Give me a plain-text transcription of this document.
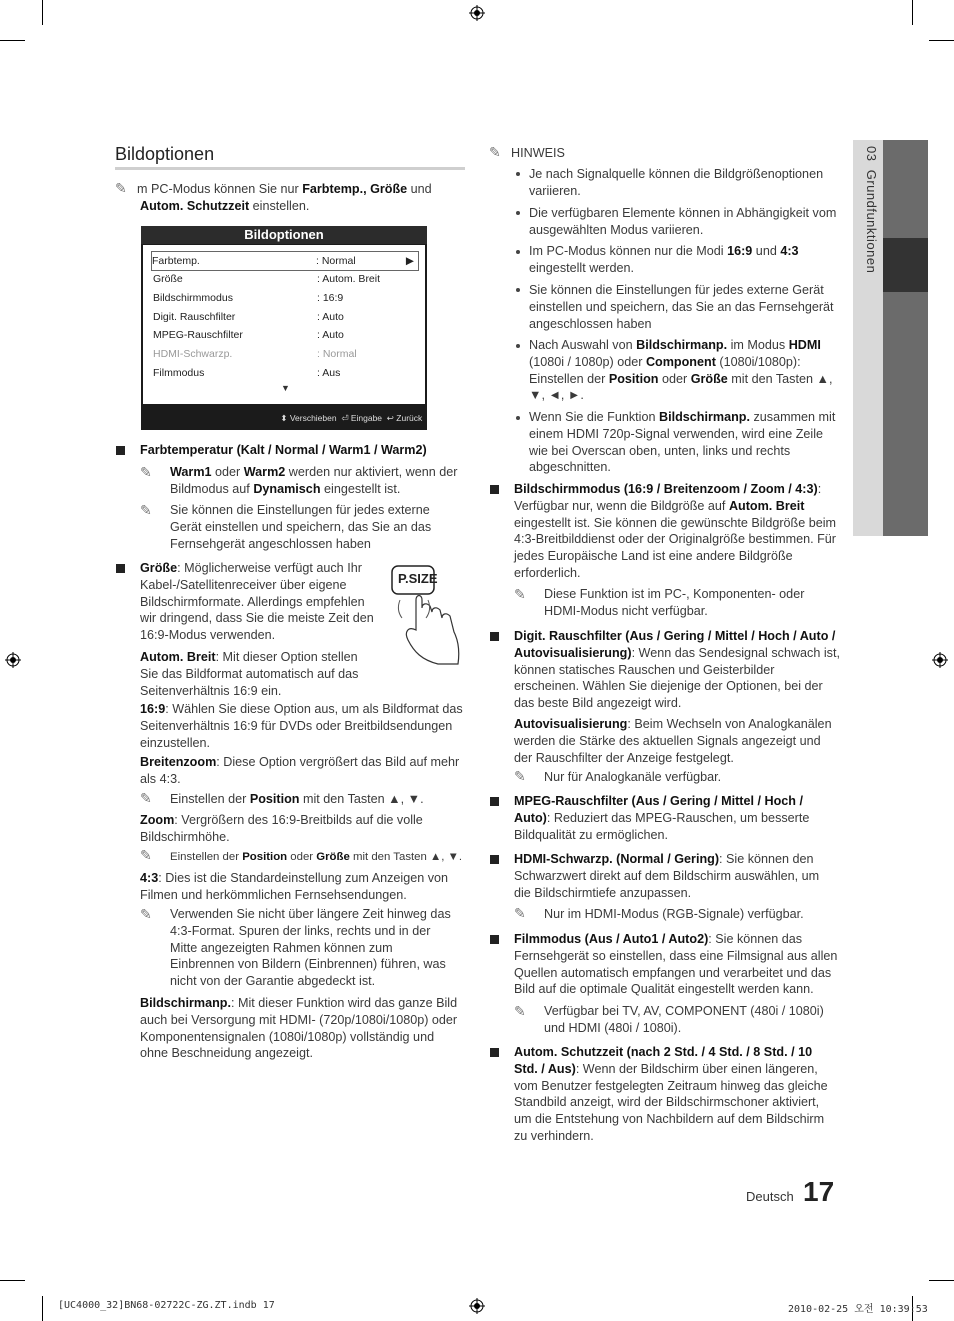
Bildoptionen
✎ m PC-Modus können Sie nur Farbtemp., Größe und
Autom. Schutzzeit einstellen.
Bildoptionen
Farbtemp.	: Normal	▶
Größe	: Autom. Breit
Bildschirmmodus	: 16:9
Digit. Rauschfilter	: Auto
MPEG-Rauschfilter	: Auto
HDMI-Schwarzp.	: Normal
Filmmodus	: Aus
▼
⬍ Verschieben ⏎ Eingabe ↩ Zurück
Farbtemperatur (Kalt / Normal / Warm1 / Warm2)
✎	Warm1 oder Warm2 werden nur aktiviert, wenn der Bildmodus auf Dynamisch eingestellt ist.
✎	Sie können die Einstellungen für jedes externe Gerät einstellen und speichern, das Sie an das Fernsehgerät angeschlossen haben
Größe: Möglicherweise verfügt auch Ihr Kabel-/Satellitenreceiver über eigene Bildschirmformate. Allerdings empfehlen wir dringend, dass Sie die meiste Zeit den 16:9-Modus verwenden.
P.SIZE
Autom. Breit: Mit dieser Option stellen Sie das Bildformat automatisch auf das Seitenverhältnis 16:9 ein.
16:9: Wählen Sie diese Option aus, um als Bildformat das Seitenverhältnis 16:9 für DVDs oder Breitbildsendungen einzustellen.
Breitenzoom: Diese Option vergrößert das Bild auf mehr als 4:3.
✎ Einstellen der Position mit den Tasten ▲, ▼.
Zoom: Vergrößern des 16:9-Breitbilds auf die volle Bildschirmhöhe.
✎ Einstellen der Position oder Größe mit den Tasten ▲, ▼.
4:3: Dies ist die Standardeinstellung zum Anzeigen von Filmen und herkömmlichen Fernsehsendungen.
✎	Verwenden Sie nicht über längere Zeit hinweg das 4:3-Format. Spuren der links, rechts und in der Mitte angezeigten Rahmen können zum Einbrennen von Bildern (Einbrennen) führen, was nicht von der Garantie abgedeckt ist.
Bildschirmanp.: Mit dieser Funktion wird das ganze Bild auch bei Versorgung mit HDMI- (720p/1080i/1080p) oder Komponentensignalen (1080i/1080p) vollständig und ohne Beschneidung angezeigt.
✎ HINWEIS
Je nach Signalquelle können die Bildgrößenoptionen variieren.
Die verfügbaren Elemente können in Abhängigkeit vom ausgewählten Modus variieren.
Im PC-Modus können nur die Modi 16:9 und 4:3 eingestellt werden.
Sie können die Einstellungen für jedes externe Gerät einstellen und speichern, das Sie an das Fernsehgerät angeschlossen haben
Nach Auswahl von Bildschirmanp. im Modus HDMI (1080i / 1080p) oder Component (1080i/1080p): Einstellen der Position oder Größe mit den Tasten ▲, ▼, ◄, ►.
Wenn Sie die Funktion Bildschirmanp. zusammen mit einem HDMI 720p-Signal verwenden, wird eine Zeile wie bei Overscan oben, unten, links und rechts abgeschnitten.
Bildschirmmodus (16:9 / Breitenzoom / Zoom / 4:3): Verfügbar nur, wenn die Bildgröße auf Autom. Breit eingestellt ist. Sie können die gewünschte Bildgröße beim 4:3-Breitbilddienst oder der Originalgröße bestimmen. Für jedes Europäische Land ist eine andere Bildgröße erforderlich.
✎	Diese Funktion ist im PC-, Komponenten- oder HDMI-Modus nicht verfügbar.
Digit. Rauschfilter (Aus / Gering / Mittel / Hoch / Auto / Autovisualisierung): Wenn das Sendesignal schwach ist, können statisches Rauschen und Geisterbilder erscheinen. Wählen Sie diejenige der Optionen, bei der das beste Bild angezeigt wird.
Autovisualisierung: Beim Wechseln von Analogkanälen werden die Stärke des aktuellen Signals angezeigt und der Rauschfilter der Anzeige festgelegt.
✎ Nur für Analogkanäle verfügbar.
MPEG-Rauschfilter (Aus / Gering / Mittel / Hoch / Auto): Reduziert das MPEG-Rauschen, um besserte Bildqualität zu ermöglichen.
HDMI-Schwarzp. (Normal / Gering): Sie können den Schwarzwert direkt auf dem Bildschirm auswählen, um die Bildschirmtiefe anzupassen.
✎ Nur im HDMI-Modus (RGB-Signale) verfügbar.
Filmmodus (Aus / Auto1 / Auto2): Sie können das Fernsehgerät so einstellen, dass eine Filmsignal aus allen Quellen automatisch empfangen und verarbeitet und das Bild auf die optimale Qualität eingestellt werden kann.
✎	Verfügbar bei TV, AV, COMPONENT (480i / 1080i) und HDMI (480i / 1080i).
Autom. Schutzzeit (nach 2 Std. / 4 Std. / 8 Std. / 10 Std. / Aus): Wenn der Bildschirm über einen längeren, vom Benutzer festgelegten Zeitraum hinweg das gleiche Standbild anzeigt, wird der Bildschirmschoner aktiviert, um die Entstehung von Nachbildern auf dem Bildschirm zu verhindern.
03  Grundfunktionen
Deutsch 17
[UC4000_32]BN68-02722C-ZG.ZT.indb 17	2010-02-25 오전 10:39:53
